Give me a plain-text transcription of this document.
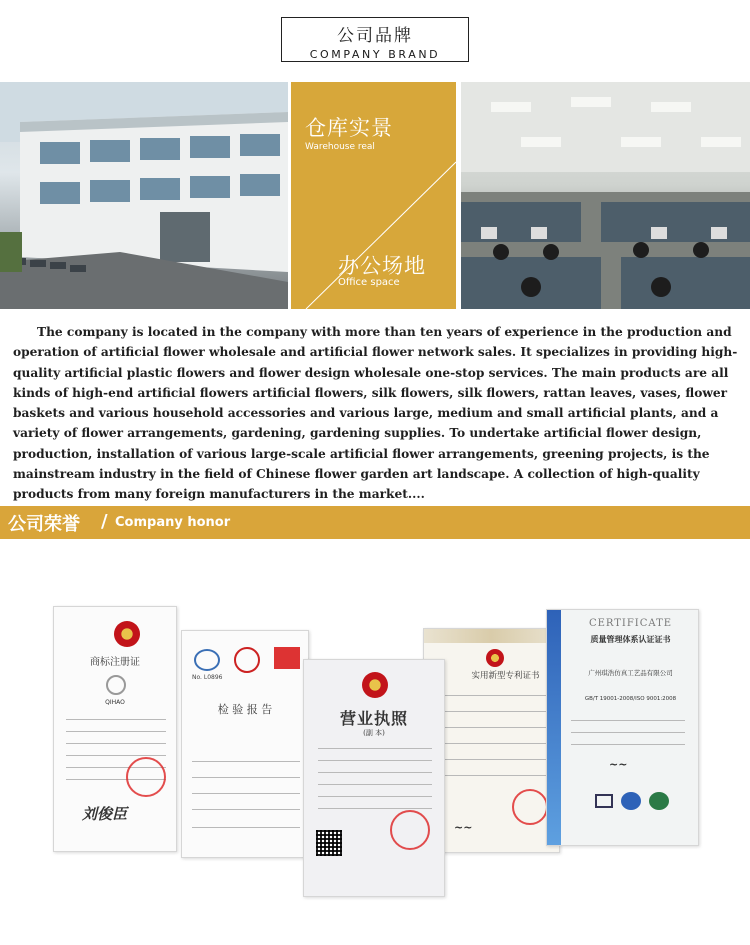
公司品牌
COMPANY BRAND
仓库实景
Warehouse real
办公场地
Office space

The company is located in the company with more than ten years of experience in the production and operation of artificial flower wholesale and artificial flower network sales. It specializes in providing high-quality artificial plastic flowers and flower design wholesale one-stop services. The main products are all kinds of high-end artificial flowers artificial flowers, silk flowers, silk flowers, rattan leaves, vases, flower baskets and various household accessories and various large, medium and small artificial plants, and a variety of flower arrangements, gardening, gardening supplies. To undertake artificial flower design, production, installation of various large-scale artificial flower arrangements, greening projects, is the mainstream industry in the field of Chinese flower garden art landscape. A collection of high-quality products from many foreign manufacturers in the market....

公司荣誉 / Company honor
商标注册证
QIHAO
刘俊臣
No. L0896
检 验 报 告
实用新型专利证书
~~
CERTIFICATE
质量管理体系认证证书
广州琪浩仿真工艺品有限公司
GB/T 19001-2008/ISO 9001:2008
~~
营业执照
(副 本)
